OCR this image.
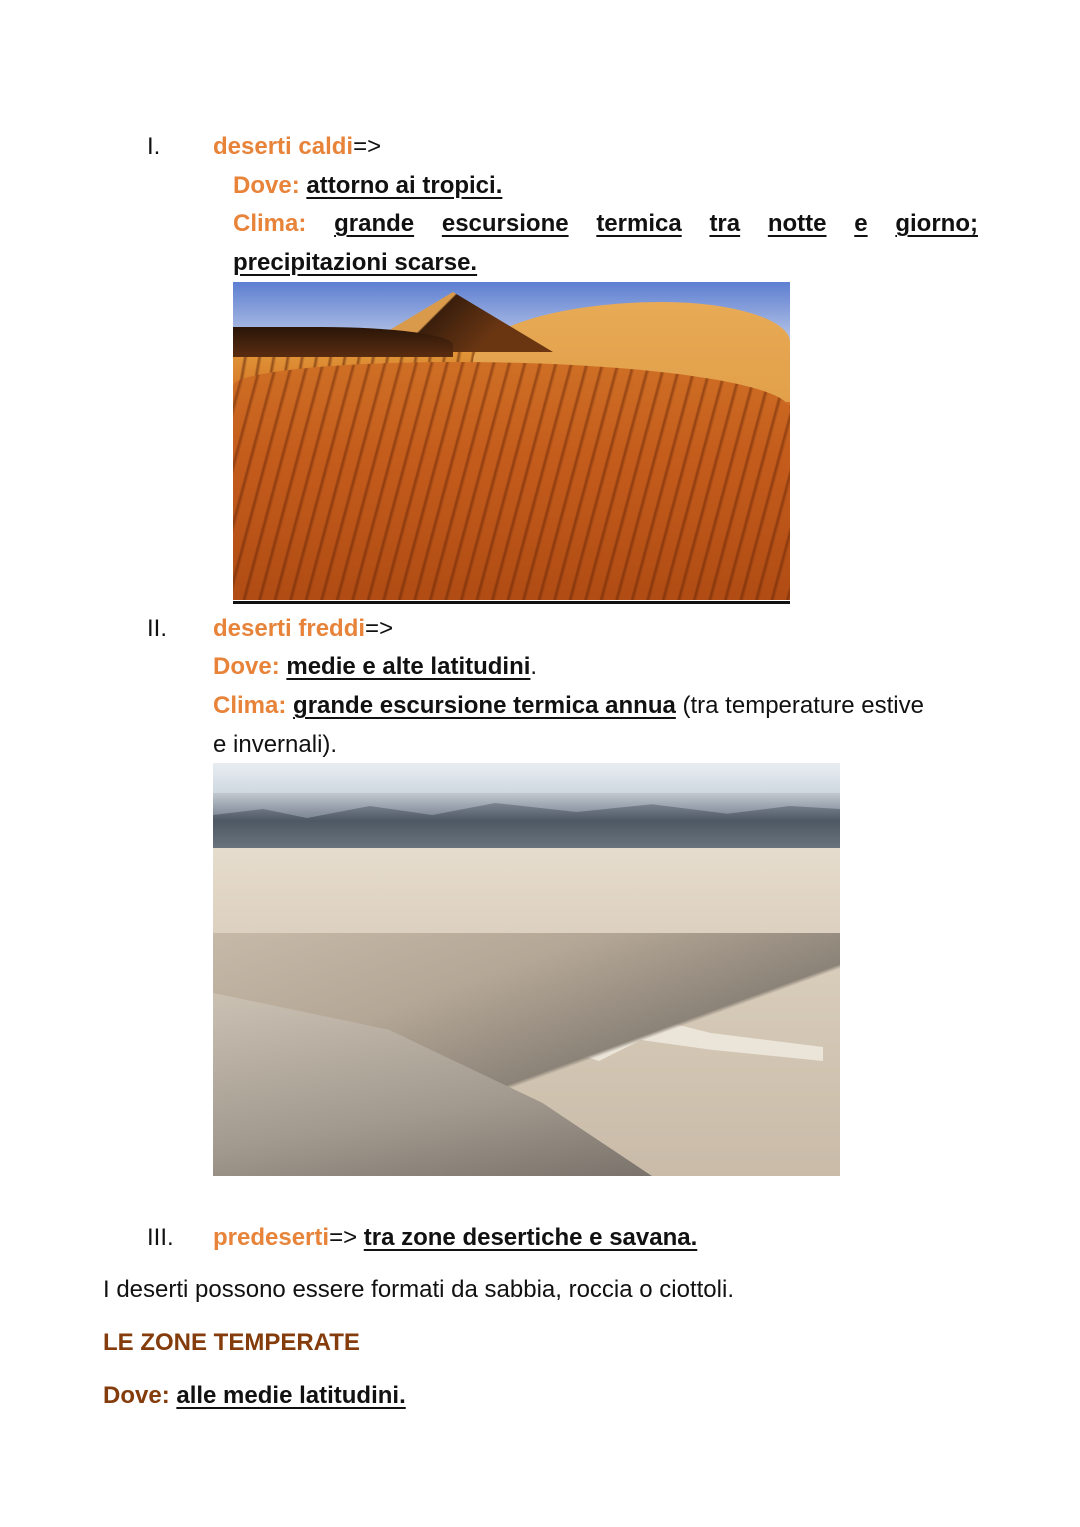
I. deserti caldi=>
Dove: attorno ai tropici.
Clima: grande escursione termica tra notte e giorno;
precipitazioni scarse.
II. deserti freddi=>
Dove: medie e alte latitudini.
Clima: grande escursione termica annua (tra temperature estive
e invernali).
III. predeserti=> tra zone desertiche e savana.
I deserti possono essere formati da sabbia, roccia o ciottoli.
LE ZONE TEMPERATE
Dove: alle medie latitudini.
